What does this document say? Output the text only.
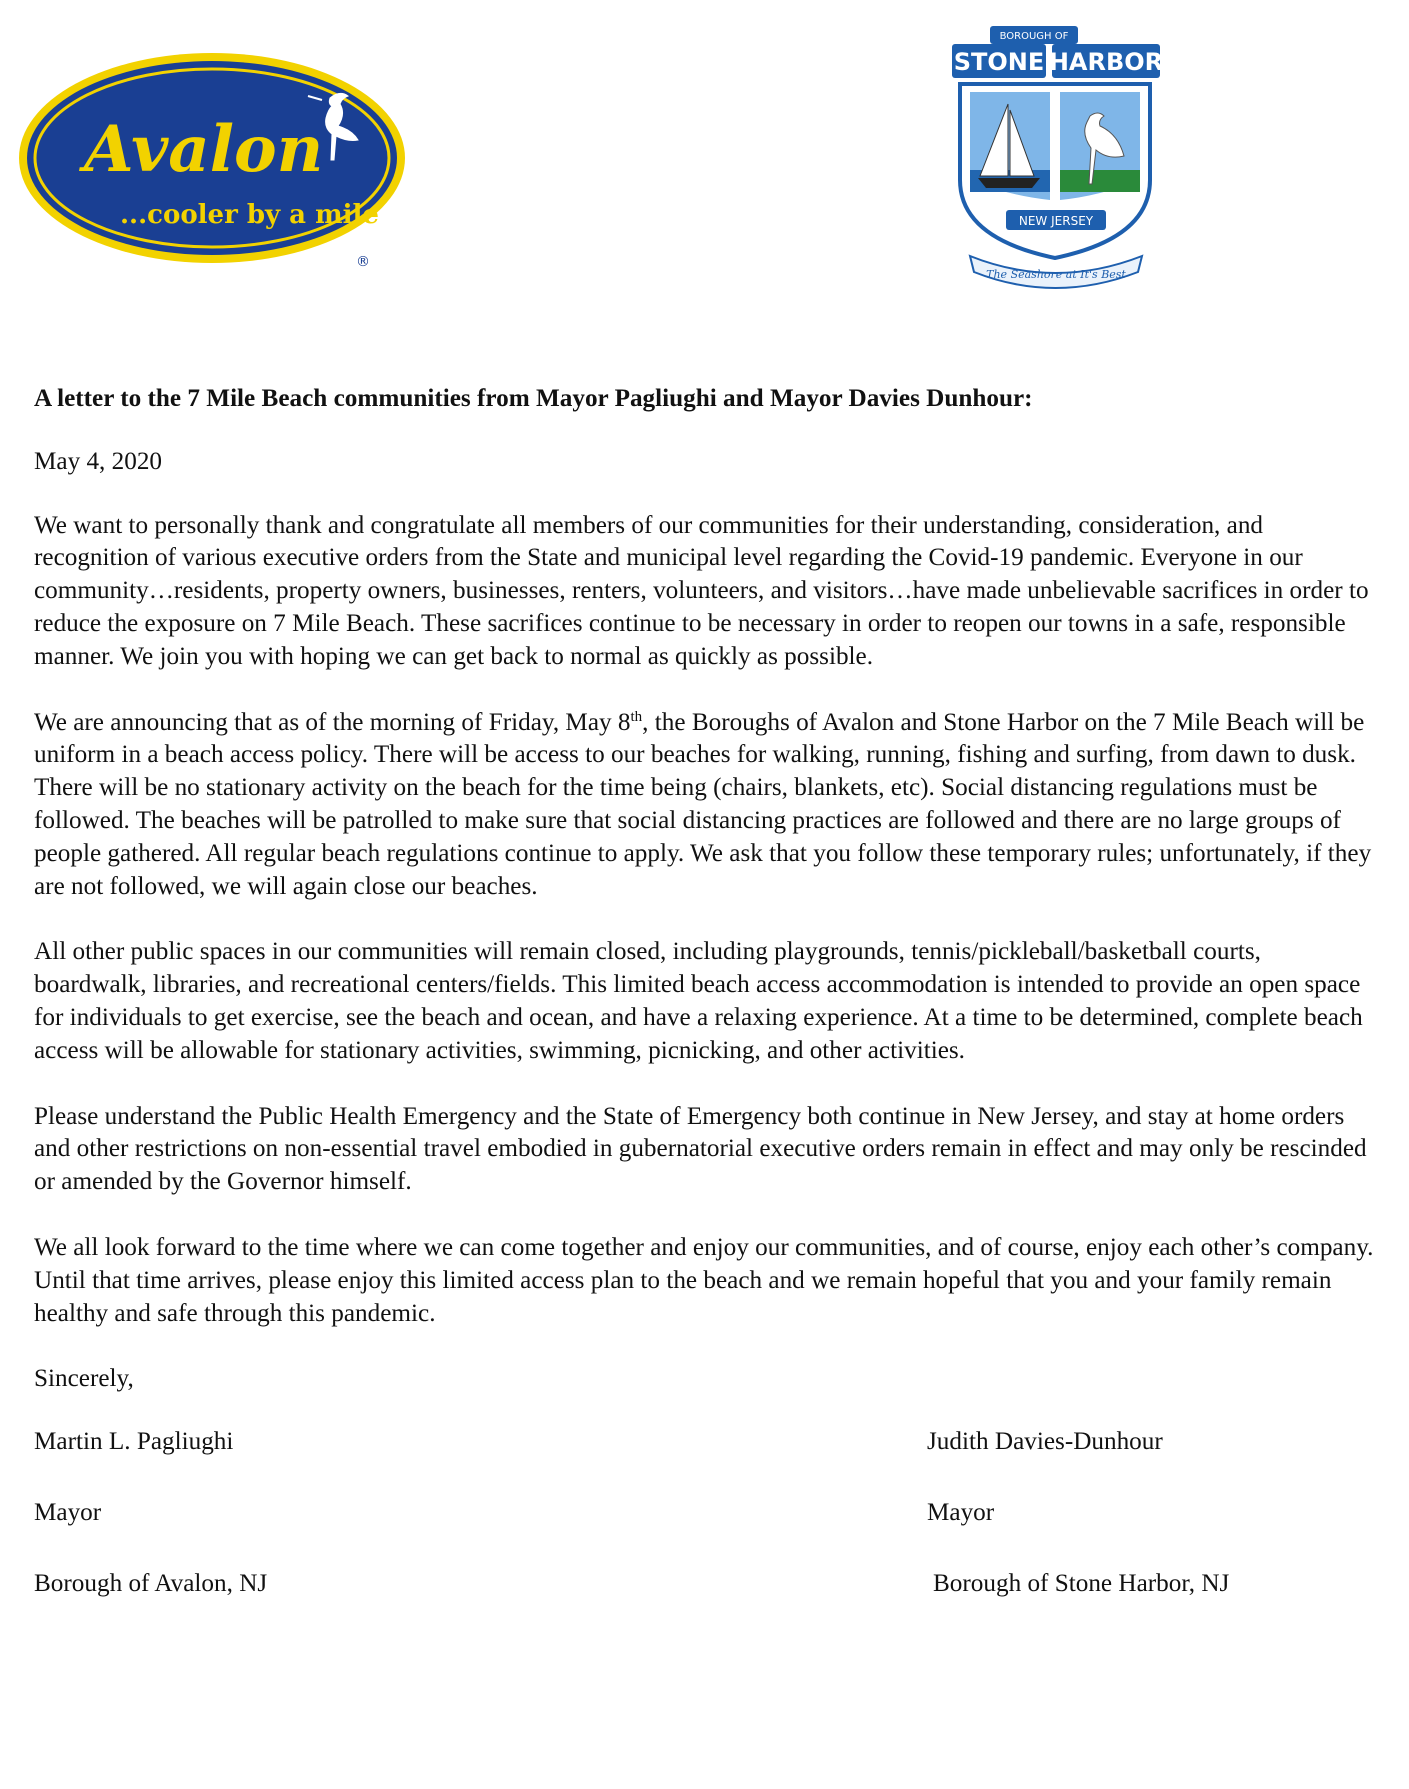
Avalon
...cooler by a mile
®
BOROUGH OF
STONE HARBOR
NEW JERSEY
The Seashore at It's Best

A letter to the 7 Mile Beach communities from Mayor Pagliughi and Mayor Davies Dunhour:

May 4, 2020

We want to personally thank and congratulate all members of our communities for their understanding, consideration, and recognition of various executive orders from the State and municipal level regarding the Covid-19 pandemic. Everyone in our community…residents, property owners, businesses, renters, volunteers, and visitors…have made unbelievable sacrifices in order to reduce the exposure on 7 Mile Beach. These sacrifices continue to be necessary in order to reopen our towns in a safe, responsible manner. We join you with hoping we can get back to normal as quickly as possible.

We are announcing that as of the morning of Friday, May 8th, the Boroughs of Avalon and Stone Harbor on the 7 Mile Beach will be uniform in a beach access policy. There will be access to our beaches for walking, running, fishing and surfing, from dawn to dusk. There will be no stationary activity on the beach for the time being (chairs, blankets, etc). Social distancing regulations must be followed. The beaches will be patrolled to make sure that social distancing practices are followed and there are no large groups of people gathered. All regular beach regulations continue to apply. We ask that you follow these temporary rules; unfortunately, if they are not followed, we will again close our beaches.

All other public spaces in our communities will remain closed, including playgrounds, tennis/pickleball/basketball courts, boardwalk, libraries, and recreational centers/fields. This limited beach access accommodation is intended to provide an open space for individuals to get exercise, see the beach and ocean, and have a relaxing experience. At a time to be determined, complete beach access will be allowable for stationary activities, swimming, picnicking, and other activities.

Please understand the Public Health Emergency and the State of Emergency both continue in New Jersey, and stay at home orders and other restrictions on non-essential travel embodied in gubernatorial executive orders remain in effect and may only be rescinded or amended by the Governor himself.

We all look forward to the time where we can come together and enjoy our communities, and of course, enjoy each other’s company. Until that time arrives, please enjoy this limited access plan to the beach and we remain hopeful that you and your family remain healthy and safe through this pandemic.

Sincerely,

Martin L. Pagliughi
Mayor
Borough of Avalon, NJ
Judith Davies-Dunhour
Mayor
Borough of Stone Harbor, NJ
